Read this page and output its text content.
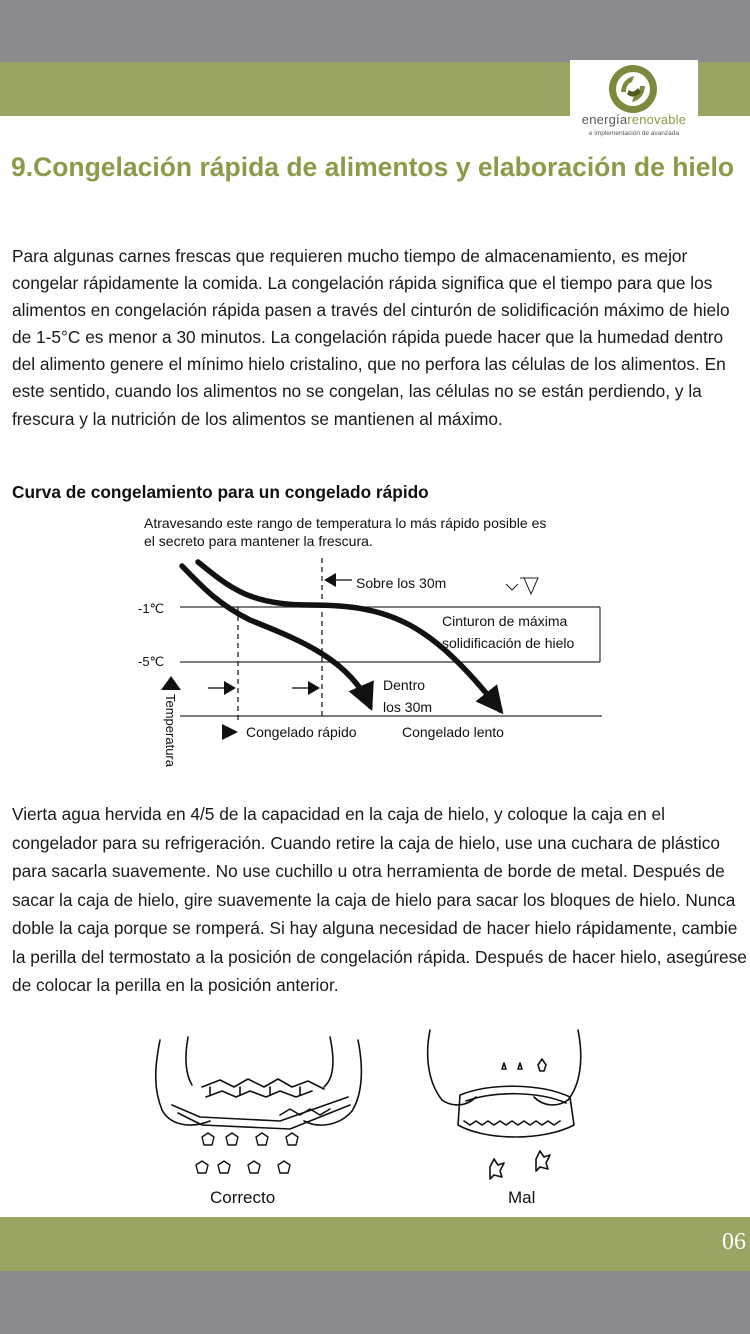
energíarenovable
e implementación de avanzada
9.Congelación rápida de alimentos y elaboración de hielo

Para algunas carnes frescas que requieren mucho tiempo de almacenamiento, es mejor congelar rápidamente la comida. La congelación rápida significa que el tiempo para que los alimentos en congelación rápida pasen a través del cinturón de solidificación máximo de hielo de 1-5°C es menor a 30 minutos. La congelación rápida puede hacer que la humedad dentro del alimento genere el mínimo hielo cristalino, que no perfora las células de los alimentos. En este sentido, cuando los alimentos no se congelan, las células no se están perdiendo, y la frescura y la nutrición de los alimentos se mantienen al máximo.

Curva de congelamiento para un congelado rápido

Atravesando este rango de temperatura lo más rápido posible es
el secreto para mantener la frescura.
-1℃
-5℃
Temperatura
Sobre los 30m
Cinturon de máxima
solidificación de hielo
Dentro
los 30m
Congelado rápido	Congelado lento

Vierta agua hervida en 4/5 de la capacidad en la caja de hielo, y coloque la caja en el congelador para su refrigeración. Cuando retire la caja de hielo, use una cuchara de plástico para sacarla suavemente. No use cuchillo u otra herramienta de borde de metal. Después de sacar la caja de hielo, gire suavemente la caja de hielo para sacar los bloques de hielo. Nunca doble la caja porque se romperá. Si hay alguna necesidad de hacer hielo rápidamente, cambie la perilla del termostato a la posición de congelación rápida. Después de hacer hielo, asegúrese de colocar la perilla en la posición anterior.

Correcto	Mal
06
